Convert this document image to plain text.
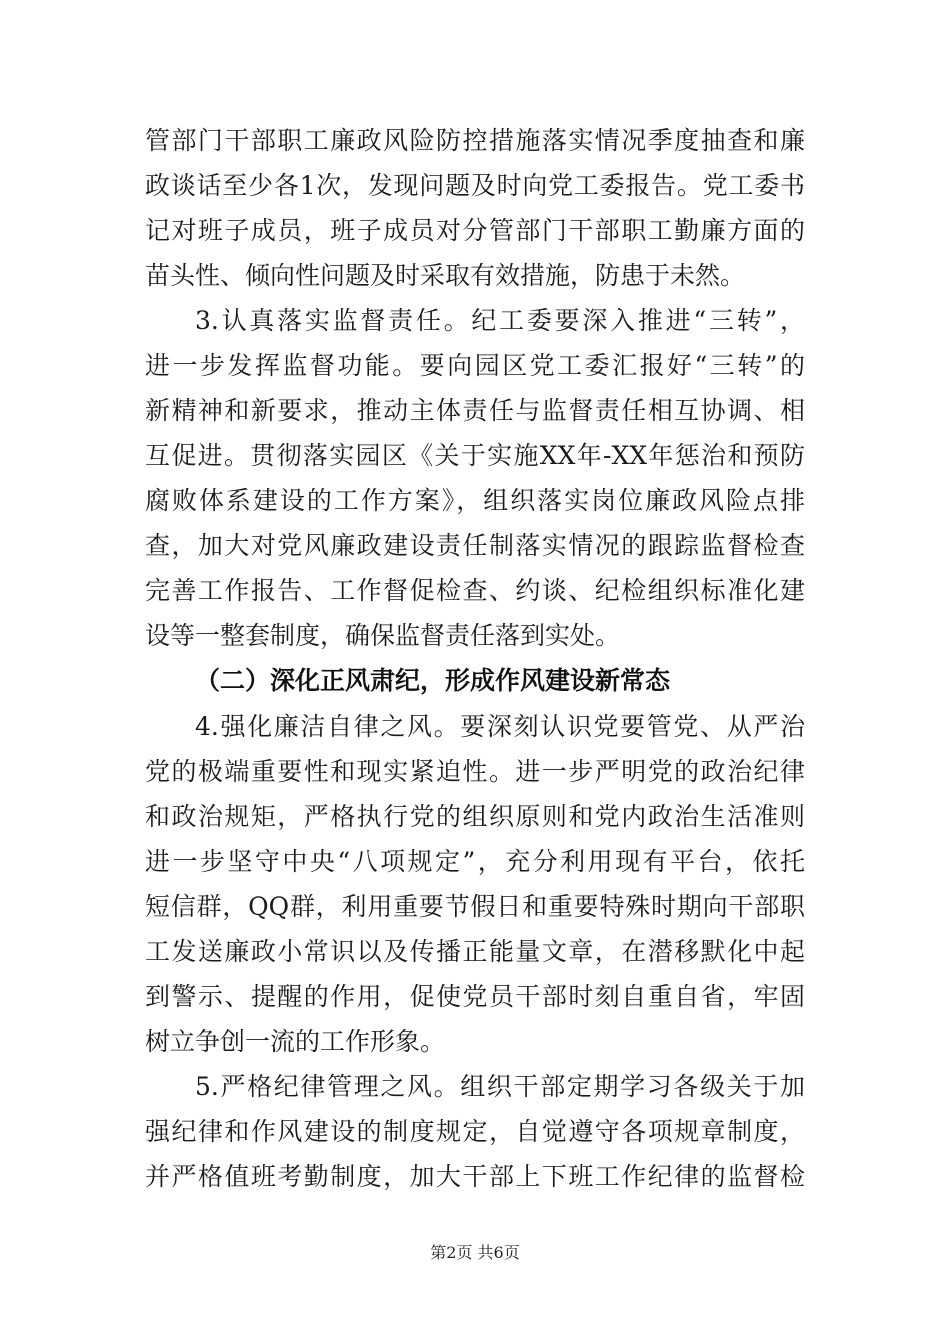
管部门干部职工廉政风险防控措施落实情况季度抽查和廉
政谈话至少各1次，发现问题及时向党工委报告。党工委书
记对班子成员，班子成员对分管部门干部职工勤廉方面的
苗头性、倾向性问题及时采取有效措施，防患于未然。
3.认真落实监督责任。纪工委要深入推进“三转”，
进一步发挥监督功能。要向园区党工委汇报好“三转”的
新精神和新要求，推动主体责任与监督责任相互协调、相
互促进。贯彻落实园区《关于实施XX年-XX年惩治和预防
腐败体系建设的工作方案》，组织落实岗位廉政风险点排
查，加大对党风廉政建设责任制落实情况的跟踪监督检查
完善工作报告、工作督促检查、约谈、纪检组织标准化建
设等一整套制度，确保监督责任落到实处。
（二）深化正风肃纪，形成作风建设新常态
4.强化廉洁自律之风。要深刻认识党要管党、从严治
党的极端重要性和现实紧迫性。进一步严明党的政治纪律
和政治规矩，严格执行党的组织原则和党内政治生活准则
进一步坚守中央“八项规定”，充分利用现有平台，依托
短信群，QQ群，利用重要节假日和重要特殊时期向干部职
工发送廉政小常识以及传播正能量文章，在潜移默化中起
到警示、提醒的作用，促使党员干部时刻自重自省，牢固
树立争创一流的工作形象。
5.严格纪律管理之风。组织干部定期学习各级关于加
强纪律和作风建设的制度规定，自觉遵守各项规章制度，
并严格值班考勤制度，加大干部上下班工作纪律的监督检
第2页 共6页
